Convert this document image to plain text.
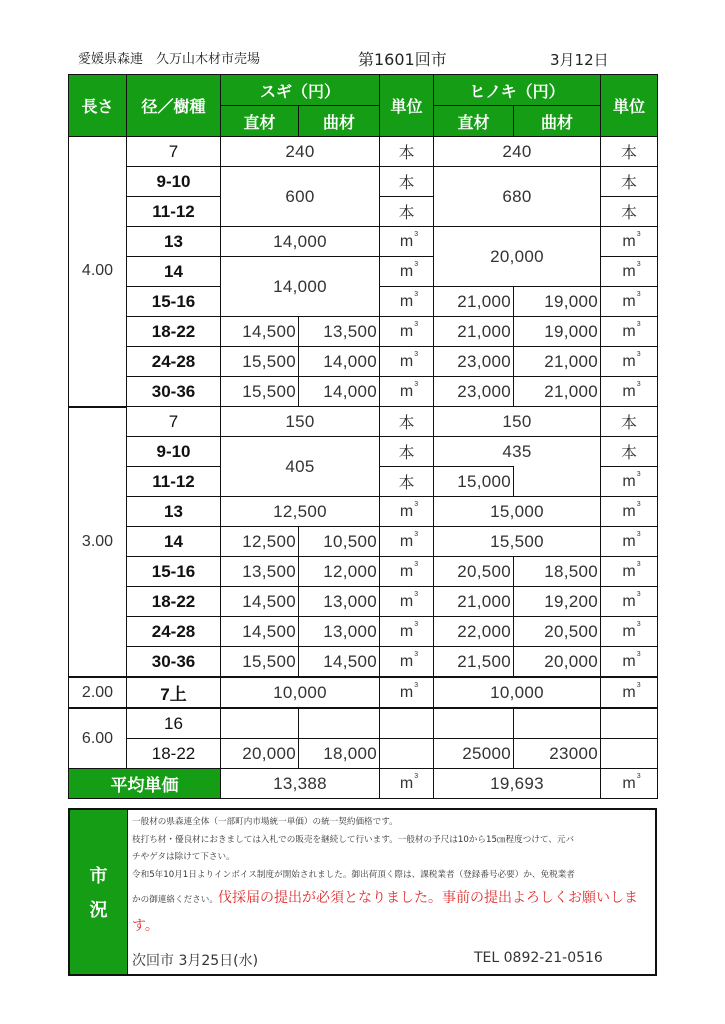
愛媛県森連　久万山木材市売場	第1601回市	3月12日
長さ	径／樹種	スギ（円）		単位	ヒノキ（円）		単位
		直材	曲材		直材	曲材	
4.00	7	240		本	240		本
	9-10	600		本	680		本
	11-12			本			本
	13	14,000		m 3	20,000		m 3

	14	14,000		m 3			m 3

	15-16			m 3	21,000	19,000	m 3

	18-22	14,500	13,500	m 3	21,000	19,000	m 3

	24-28	15,500	14,000	m 3	23,000	21,000	m 3

	30-36	15,500	14,000	m 3	23,000	21,000	m 3

3.00	7	150		本	150		本
	9-10	405		本	435		本
	11-12			本	15,000		m 3

	13	12,500		m 3	15,000		m 3

	14	12,500	10,500	m 3	15,500		m 3

	15-16	13,500	12,000	m 3	20,500	18,500	m 3

	18-22	14,500	13,000	m 3	21,000	19,200	m 3

	24-28	14,500	13,000	m 3	22,000	20,500	m 3

	30-36	15,500	14,500	m 3	21,500	20,000	m 3

2.00	7上	10,000		m 3	10,000		m 3

6.00	16						
	18-22	20,000	18,000		25000	23000	
平均単価		13,388		m 3	19,693		m 3
市
況

一般材の県森連全体（一部町内市場統一単価）の統一契約価格です。

枝打ち材・優良材におきましては入札での販売を継続して行います。一般材の予尺は10から15㎝程度つけて、元バ

チやゲタは除けて下さい。

令和5年10月1日よりインボイス制度が開始されました。御出荷頂く際は、課税業者（登録番号必要）か、免税業者

かの御連絡ください。伐採届の提出が必須となりました。事前の提出よろしくお願いします。

次回市 3月25日(水)	TEL 0892-21-0516
